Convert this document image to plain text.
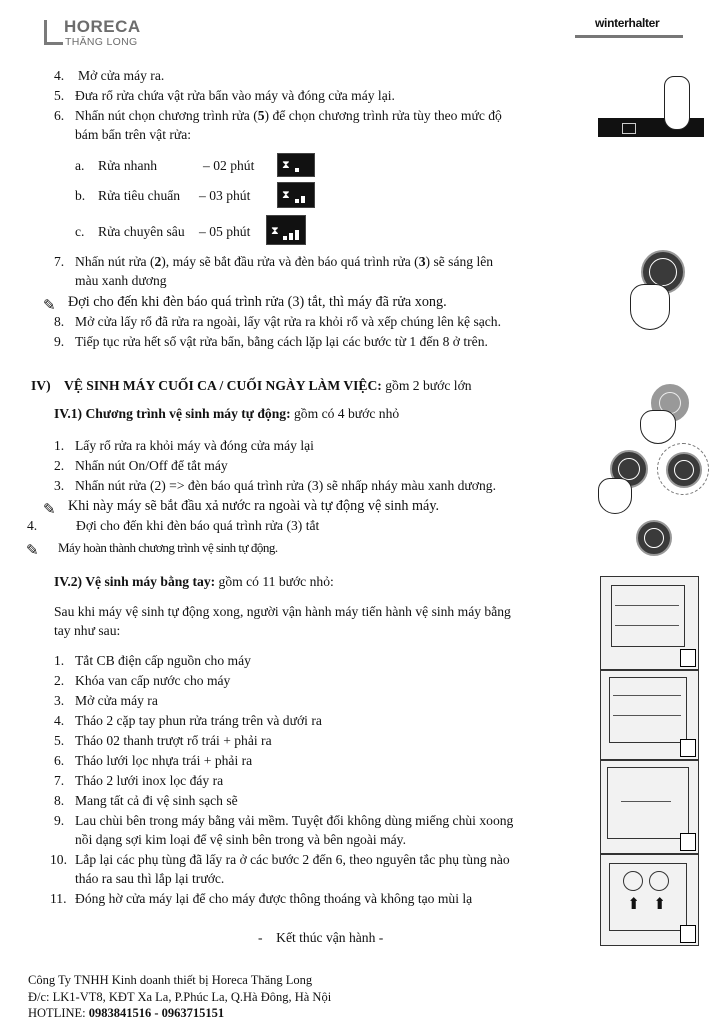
HORECA
THĂNG LONG
winterhalter
4. Mở cửa máy ra.
5. Đưa rổ rửa chứa vật rửa bẩn vào máy và đóng cửa máy lại.
6. Nhấn nút chọn chương trình rửa (5) để chọn chương trình rửa tùy theo mức độ
bám bẩn trên vật rửa:
a. Rửa nhanh	– 02 phút	⧗
b. Rửa tiêu chuẩn – 03 phút	⧗
c. Rửa chuyên sâu – 05 phút ⧗
7. Nhấn nút rửa (2), máy sẽ bắt đầu rửa và đèn báo quá trình rửa (3) sẽ sáng lên
màu xanh dương
✎ Đợi cho đến khi đèn báo quá trình rửa (3) tắt, thì máy đã rửa xong.
8. Mở cửa lấy rổ đã rửa ra ngoài, lấy vật rửa ra khỏi rổ và xếp chúng lên kệ sạch.
9. Tiếp tục rửa hết số vật rửa bẩn, bằng cách lặp lại các bước từ 1 đến 8 ở trên.
IV) VỆ SINH MÁY CUỐI CA / CUỐI NGÀY LÀM VIỆC: gồm 2 bước lớn
IV.1) Chương trình vệ sinh máy tự động: gồm có 4 bước nhỏ
1. Lấy rổ rửa ra khỏi máy và đóng cửa máy lại
2. Nhấn nút On/Off để tắt máy
3. Nhấn nút rửa (2) => đèn báo quá trình rửa (3) sẽ nhấp nháy màu xanh dương.
✎ Khi này máy sẽ bắt đầu xả nước ra ngoài và tự động vệ sinh máy.
4.	Đợi cho đến khi đèn báo quá trình rửa (3) tắt
✎ Máy hoàn thành chương trình vệ sinh tự động.
IV.2) Vệ sinh máy bằng tay: gồm có 11 bước nhỏ:
Sau khi máy vệ sinh tự động xong, người vận hành máy tiến hành vệ sinh máy bằng
tay như sau:
1. Tắt CB điện cấp nguồn cho máy
2. Khóa van cấp nước cho máy
3. Mở cửa máy ra
4. Tháo 2 cặp tay phun rửa tráng trên và dưới ra
5. Tháo 02 thanh trượt rổ trái + phải ra
6. Tháo lưới lọc nhựa trái + phải ra
7. Tháo 2 lưới inox lọc đáy ra
8. Mang tất cả đi vệ sinh sạch sẽ
9. Lau chùi bên trong máy bằng vải mềm. Tuyệt đối không dùng miếng chùi xoong
nồi dạng sợi kim loại để vệ sinh bên trong và bên ngoài máy.
10. Lắp lại các phụ tùng đã lấy ra ở các bước 2 đến 6, theo nguyên tắc phụ tùng nào
tháo ra sau thì lắp lại trước.
11. Đóng hờ cửa máy lại để cho máy được thông thoáng và không tạo mùi lạ	⬆ ⬆
-    Kết thúc vận hành -
Công Ty TNHH Kinh doanh thiết bị Horeca Thăng Long
Đ/c: LK1-VT8, KĐT Xa La, P.Phúc La, Q.Hà Đông, Hà Nội
HOTLINE: 0983841516 - 0963715151
